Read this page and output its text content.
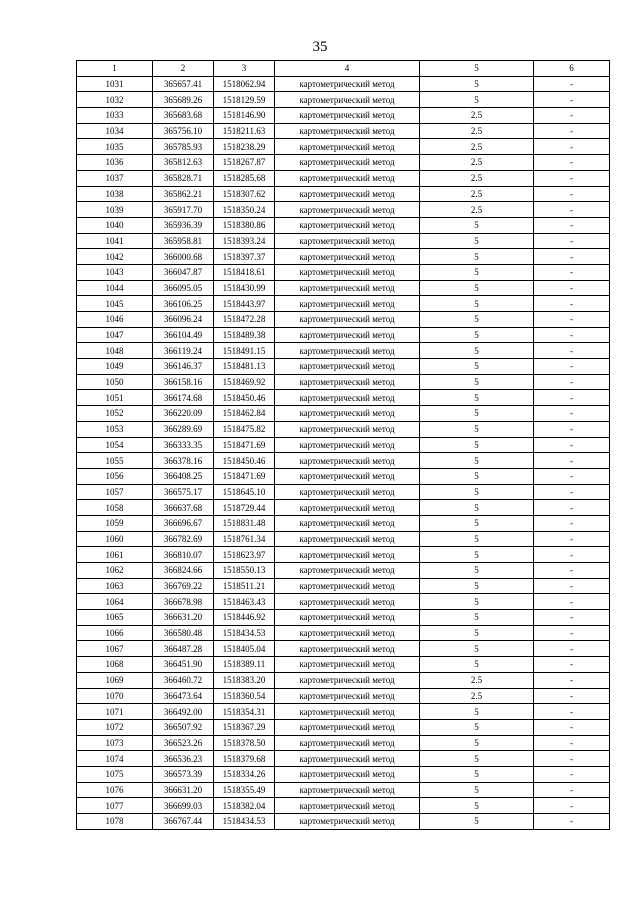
35
1	2	3	4	5	6
1031	365657.41	1518062.94	картометрический метод	5	-
1032	365689.26	1518129.59	картометрический метод	5	-
1033	365683.68	1518146.90	картометрический метод	2.5	-
1034	365756.10	1518211.63	картометрический метод	2.5	-
1035	365785.93	1518238.29	картометрический метод	2.5	-
1036	365812.63	1518267.87	картометрический метод	2.5	-
1037	365828.71	1518285.68	картометрический метод	2.5	-
1038	365862.21	1518307.62	картометрический метод	2.5	-
1039	365917.70	1518350.24	картометрический метод	2.5	-
1040	365936.39	1518380.86	картометрический метод	5	-
1041	365958.81	1518393.24	картометрический метод	5	-
1042	366000.68	1518397.37	картометрический метод	5	-
1043	366047.87	1518418.61	картометрический метод	5	-
1044	366095.05	1518430.99	картометрический метод	5	-
1045	366106.25	1518443.97	картометрический метод	5	-
1046	366096.24	1518472.28	картометрический метод	5	-
1047	366104.49	1518489.38	картометрический метод	5	-
1048	366119.24	1518491.15	картометрический метод	5	-
1049	366146.37	1518481.13	картометрический метод	5	-
1050	366158.16	1518469.92	картометрический метод	5	-
1051	366174.68	1518450.46	картометрический метод	5	-
1052	366220.09	1518462.84	картометрический метод	5	-
1053	366289.69	1518475.82	картометрический метод	5	-
1054	366333.35	1518471.69	картометрический метод	5	-
1055	366378.16	1518450.46	картометрический метод	5	-
1056	366408.25	1518471.69	картометрический метод	5	-
1057	366575.17	1518645.10	картометрический метод	5	-
1058	366637.68	1518729.44	картометрический метод	5	-
1059	366696.67	1518831.48	картометрический метод	5	-
1060	366782.69	1518761.34	картометрический метод	5	-
1061	366810.07	1518623.97	картометрический метод	5	-
1062	366824.66	1518550.13	картометрический метод	5	-
1063	366769.22	1518511.21	картометрический метод	5	-
1064	366678.98	1518463.43	картометрический метод	5	-
1065	366631.20	1518446.92	картометрический метод	5	-
1066	366580.48	1518434.53	картометрический метод	5	-
1067	366487.28	1518405.04	картометрический метод	5	-
1068	366451.90	1518389.11	картометрический метод	5	-
1069	366460.72	1518383.20	картометрический метод	2.5	-
1070	366473.64	1518360.54	картометрический метод	2.5	-
1071	366492.00	1518354.31	картометрический метод	5	-
1072	366507.92	1518367.29	картометрический метод	5	-
1073	366523.26	1518378.50	картометрический метод	5	-
1074	366536.23	1518379.68	картометрический метод	5	-
1075	366573.39	1518334.26	картометрический метод	5	-
1076	366631.20	1518355.49	картометрический метод	5	-
1077	366699.03	1518382.04	картометрический метод	5	-
1078	366767.44	1518434.53	картометрический метод	5	-
